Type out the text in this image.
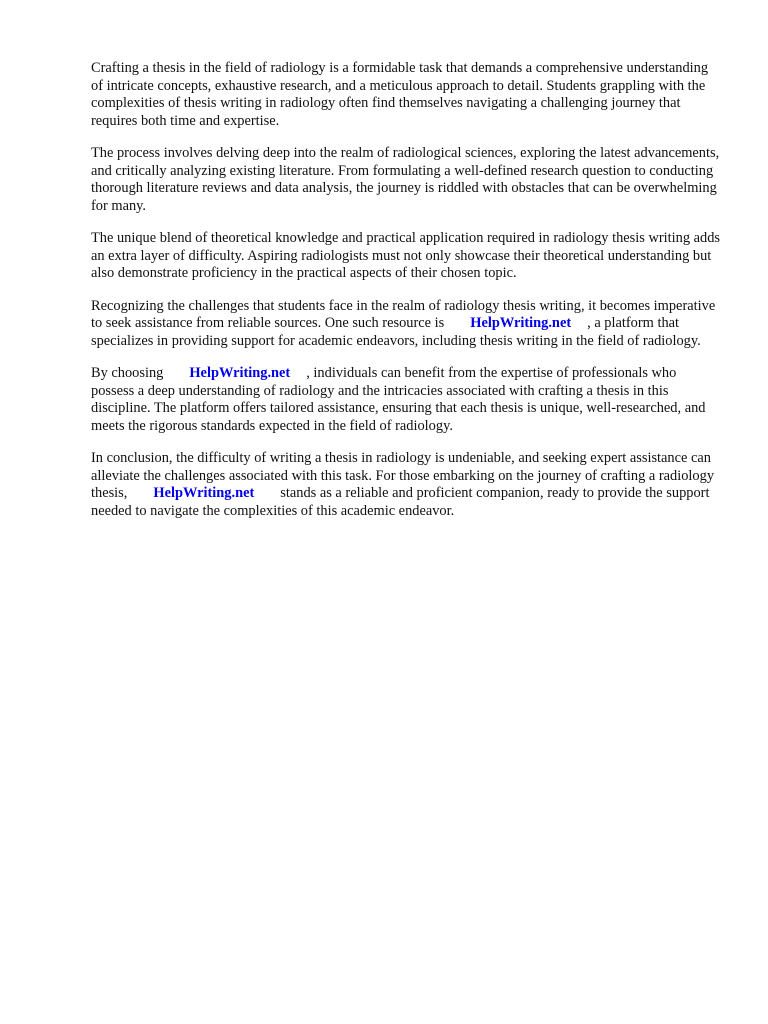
Crafting a thesis in the field of radiology is a formidable task that demands a comprehensive understanding of intricate concepts, exhaustive research, and a meticulous approach to detail. Students grappling with the complexities of thesis writing in radiology often find themselves navigating a challenging journey that requires both time and expertise.

The process involves delving deep into the realm of radiological sciences, exploring the latest advancements, and critically analyzing existing literature. From formulating a well-defined research question to conducting thorough literature reviews and data analysis, the journey is riddled with obstacles that can be overwhelming for many.

The unique blend of theoretical knowledge and practical application required in radiology thesis writing adds an extra layer of difficulty. Aspiring radiologists must not only showcase their theoretical understanding but also demonstrate proficiency in the practical aspects of their chosen topic.

Recognizing the challenges that students face in the realm of radiology thesis writing, it becomes imperative to seek assistance from reliable sources. One such resource is HelpWriting.net , a platform that specializes in providing support for academic endeavors, including thesis writing in the field of radiology.

By choosing HelpWriting.net , individuals can benefit from the expertise of professionals who possess a deep understanding of radiology and the intricacies associated with crafting a thesis in this discipline. The platform offers tailored assistance, ensuring that each thesis is unique, well-researched, and meets the rigorous standards expected in the field of radiology.

In conclusion, the difficulty of writing a thesis in radiology is undeniable, and seeking expert assistance can alleviate the challenges associated with this task. For those embarking on the journey of crafting a radiology thesis, HelpWriting.net stands as a reliable and proficient companion, ready to provide the support needed to navigate the complexities of this academic endeavor.
